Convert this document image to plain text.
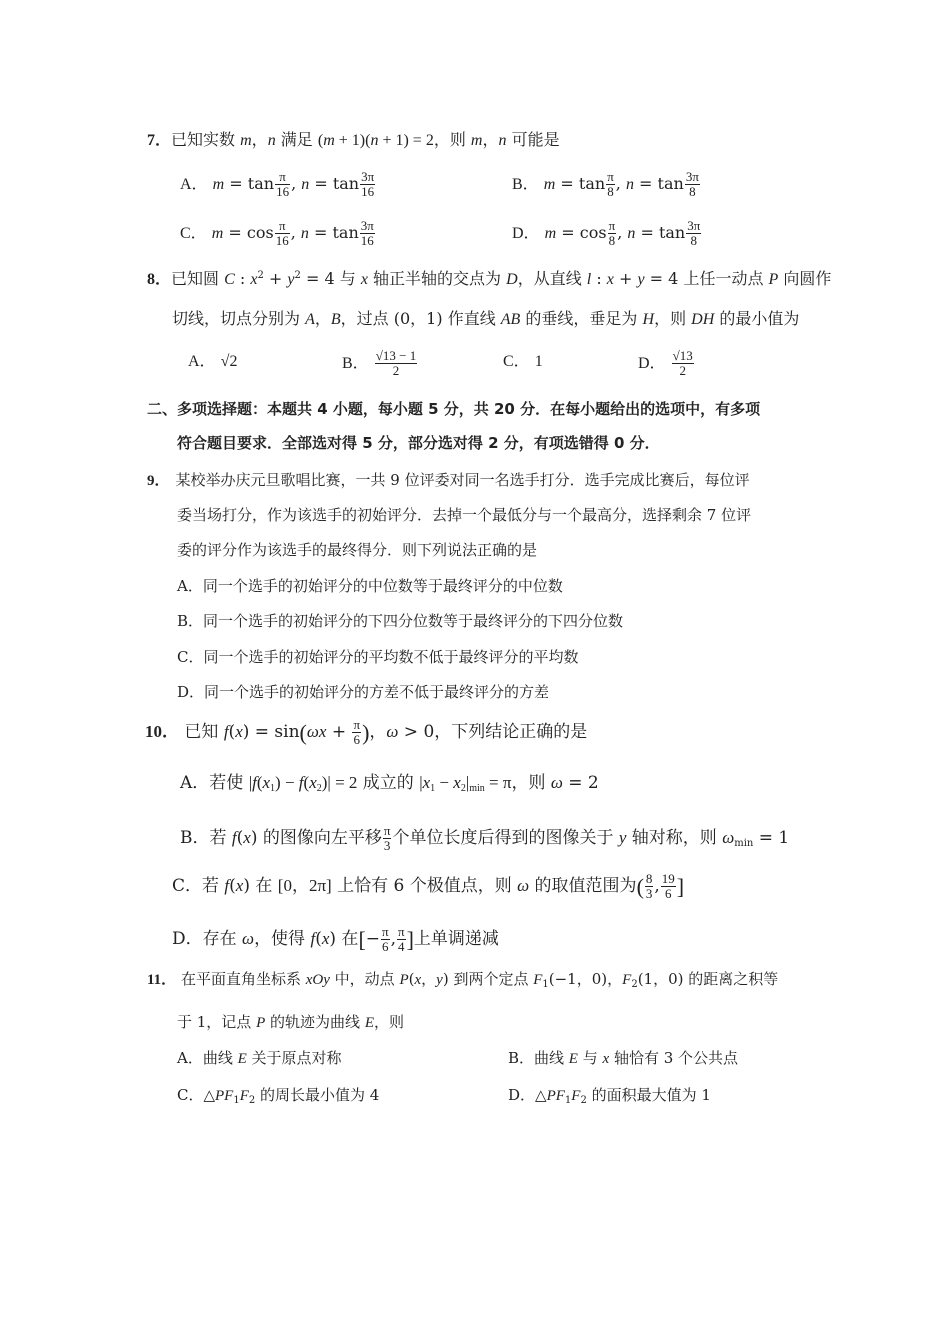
7．已知实数 m，n 满足 (m + 1)(n + 1) = 2，则 m，n 可能是
A． $m = \tan \frac{\pi}{16}$ , $n = \tan \frac{3\pi}{16}$	B． $m = \tan \frac{\pi}{8}$ , $n = \tan \frac{3\pi}{8}$
C． $m = \cos \frac{\pi}{16}$ , $n = \tan \frac{3\pi}{16}$	D． $m = \cos \frac{\pi}{8}$ , $n = \tan \frac{3\pi}{8}$
8．已知圆 C : $x^2 + y^2 = 4$ 与 x 轴正半轴的交点为 D，从直线 l : x + y = 4 上任一动点 P 向圆作
切线，切点分别为 A，B，过点 (0，1) 作直线 AB 的垂线，垂足为 H，则 DH 的最小值为
A． √2	B． $\frac{√13 - 1}{2}$	C． 1	D． $\frac{√13}{2}$
二、多项选择题：本题共 4 小题，每小题 5 分，共 20 分．在每小题给出的选项中，有多项
符合题目要求．全部选对得 5 分，部分选对得 2 分，有项选错得 0 分．
9． 某校举办庆元旦歌唱比赛，一共 9 位评委对同一名选手打分．选手完成比赛后，每位评
委当场打分，作为该选手的初始评分．去掉一个最低分与一个最高分，选择剩余 7 位评
委的评分作为该选手的最终得分．则下列说法正确的是
A．同一个选手的初始评分的中位数等于最终评分的中位数
B．同一个选手的初始评分的下四分位数等于最终评分的下四分位数
C．同一个选手的初始评分的平均数不低于最终评分的平均数
D．同一个选手的初始评分的方差不低于最终评分的方差
10． 已知 $f(x) = \sin(\omega x + \frac{\pi}{6}$ )，ω > 0，下列结论正确的是
A．若使 $|f(x_1) - f(x_2)| = 2$ 成立的 $|x_1 - x_2|_{min} = \pi$，则 ω = 2
B．若 f(x) 的图像向左平移 $\frac{\pi}{3}$ 个单位长度后得到的图像关于 y 轴对称，则 $\omega_{min} = 1$
C．若 f(x) 在 [0，2π] 上恰有 6 个极值点，则 ω 的取值范围为( $\frac{8}{3}$ , $\frac{19}{6}$ ]
D．存在 ω，使得 f(x) 在[− $\frac{\pi}{6}$ , $\frac{\pi}{4}$ ]上单调递减
11． 在平面直角坐标系 xOy 中，动点 P(x，y) 到两个定点 $F_1(-1$，0)，$F_2(1$，0) 的距离之积等
于 1，记点 P 的轨迹为曲线 E，则
A．曲线 E 关于原点对称	B．曲线 E 与 x 轴恰有 3 个公共点
C．$\triangle PF_1F_2$ 的周长最小值为 4	D．$\triangle PF_1F_2$ 的面积最大值为 1
